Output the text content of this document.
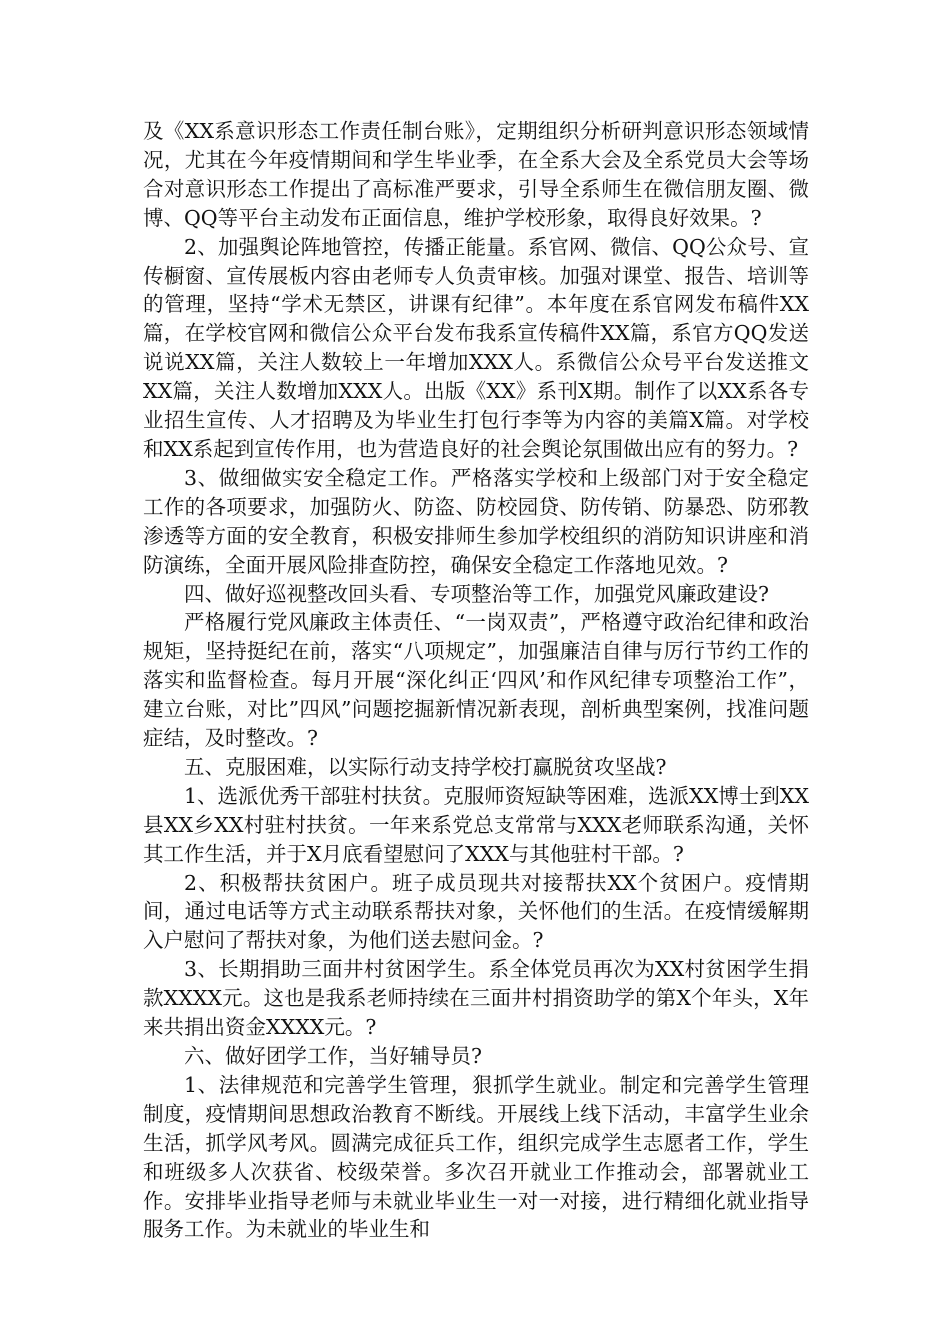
及《XX系意识形态工作责任制台账》，定期组织分析研判意识形态领域情况，尤其在今年疫情期间和学生毕业季，在全系大会及全系党员大会等场合对意识形态工作提出了高标准严要求，引导全系师生在微信朋友圈、微博、QQ等平台主动发布正面信息，维护学校形象，取得良好效果。?

2、加强舆论阵地管控，传播正能量。系官网、微信、QQ公众号、宣传橱窗、宣传展板内容由老师专人负责审核。加强对课堂、报告、培训等的管理，坚持“学术无禁区，讲课有纪律”。本年度在系官网发布稿件XX篇，在学校官网和微信公众平台发布我系宣传稿件XX篇，系官方QQ发送说说XX篇，关注人数较上一年增加XXX人。系微信公众号平台发送推文XX篇，关注人数增加XXX人。出版《XX》系刊X期。制作了以XX系各专业招生宣传、人才招聘及为毕业生打包行李等为内容的美篇X篇。对学校和XX系起到宣传作用，也为营造良好的社会舆论氛围做出应有的努力。?

3、做细做实安全稳定工作。严格落实学校和上级部门对于安全稳定工作的各项要求，加强防火、防盗、防校园贷、防传销、防暴恐、防邪教渗透等方面的安全教育，积极安排师生参加学校组织的消防知识讲座和消防演练，全面开展风险排查防控，确保安全稳定工作落地见效。?

四、做好巡视整改回头看、专项整治等工作，加强党风廉政建设?

严格履行党风廉政主体责任、“一岗双责”，严格遵守政治纪律和政治规矩，坚持挺纪在前，落实“八项规定”，加强廉洁自律与厉行节约工作的落实和监督检查。每月开展“深化纠正‘四风’和作风纪律专项整治工作”，建立台账，对比”四风”问题挖掘新情况新表现，剖析典型案例，找准问题症结，及时整改。?

五、克服困难，以实际行动支持学校打赢脱贫攻坚战?

1、选派优秀干部驻村扶贫。克服师资短缺等困难，选派XX博士到XX县XX乡XX村驻村扶贫。一年来系党总支常常与XXX老师联系沟通，关怀其工作生活，并于X月底看望慰问了XXX与其他驻村干部。?

2、积极帮扶贫困户。班子成员现共对接帮扶XX个贫困户。疫情期间，通过电话等方式主动联系帮扶对象，关怀他们的生活。在疫情缓解期入户慰问了帮扶对象，为他们送去慰问金。?

3、长期捐助三面井村贫困学生。系全体党员再次为XX村贫困学生捐款XXXX元。这也是我系老师持续在三面井村捐资助学的第X个年头，X年来共捐出资金XXXX元。?

六、做好团学工作，当好辅导员?

1、法律规范和完善学生管理，狠抓学生就业。制定和完善学生管理制度，疫情期间思想政治教育不断线。开展线上线下活动，丰富学生业余生活，抓学风考风。圆满完成征兵工作，组织完成学生志愿者工作，学生和班级多人次获省、校级荣誉。多次召开就业工作推动会，部署就业工作。安排毕业指导老师与未就业毕业生一对一对接，进行精细化就业指导服务工作。为未就业的毕业生和
